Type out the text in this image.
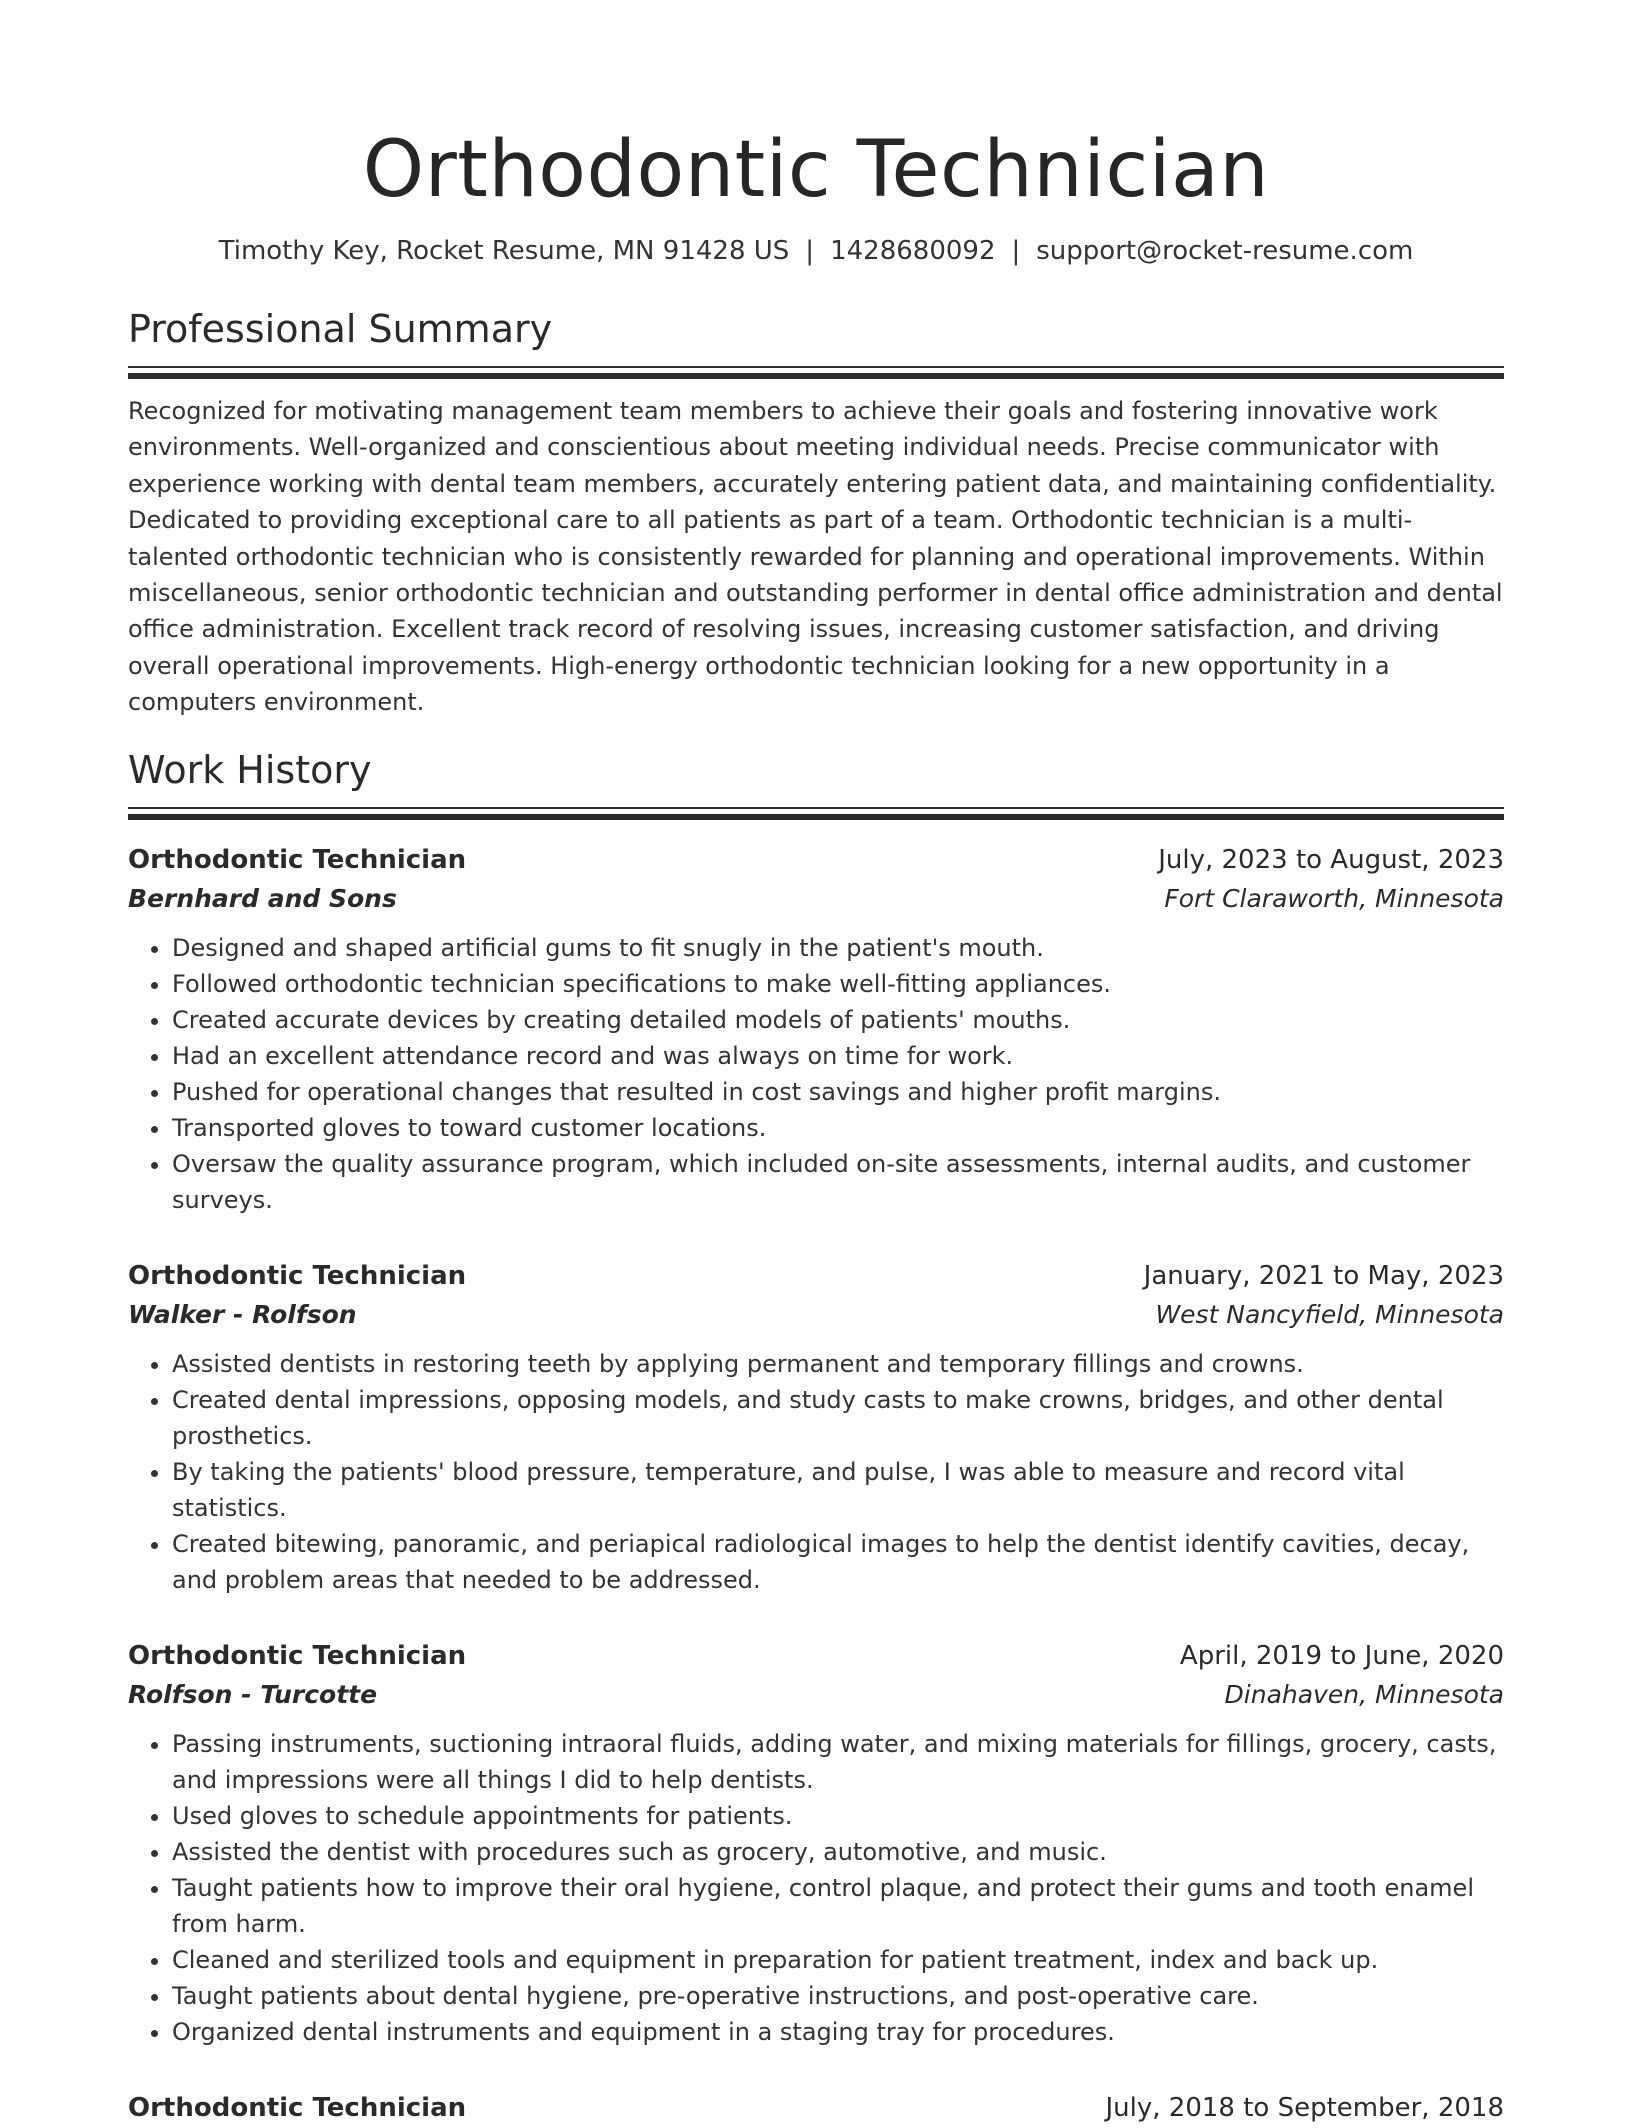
Orthodontic Technician
Timothy Key, Rocket Resume, MN 91428 US | 1428680092 | support@rocket-resume.com
Professional Summary

Recognized for motivating management team members to achieve their goals and fostering innovative work environments. Well-organized and conscientious about meeting individual needs. Precise communicator with experience working with dental team members, accurately entering patient data, and maintaining confidentiality. Dedicated to providing exceptional care to all patients as part of a team. Orthodontic technician is a multi-talented orthodontic technician who is consistently rewarded for planning and operational improvements. Within miscellaneous, senior orthodontic technician and outstanding performer in dental office administration and dental office administration. Excellent track record of resolving issues, increasing customer satisfaction, and driving overall operational improvements. High-energy orthodontic technician looking for a new opportunity in a computers environment.

Work History
Orthodontic Technician	July, 2023 to August, 2023
Bernhard and Sons	Fort Claraworth, Minnesota
• Designed and shaped artificial gums to fit snugly in the patient's mouth.
• Followed orthodontic technician specifications to make well-fitting appliances.
• Created accurate devices by creating detailed models of patients' mouths.
• Had an excellent attendance record and was always on time for work.
• Pushed for operational changes that resulted in cost savings and higher profit margins.
• Transported gloves to toward customer locations.
• Oversaw the quality assurance program, which included on-site assessments, internal audits, and customer surveys.
Orthodontic Technician	January, 2021 to May, 2023
Walker - Rolfson	West Nancyfield, Minnesota
• Assisted dentists in restoring teeth by applying permanent and temporary fillings and crowns.
• Created dental impressions, opposing models, and study casts to make crowns, bridges, and other dental prosthetics.
• By taking the patients' blood pressure, temperature, and pulse, I was able to measure and record vital statistics.
• Created bitewing, panoramic, and periapical radiological images to help the dentist identify cavities, decay, and problem areas that needed to be addressed.
Orthodontic Technician	April, 2019 to June, 2020
Rolfson - Turcotte	Dinahaven, Minnesota
• Passing instruments, suctioning intraoral fluids, adding water, and mixing materials for fillings, grocery, casts, and impressions were all things I did to help dentists.
• Used gloves to schedule appointments for patients.
• Assisted the dentist with procedures such as grocery, automotive, and music.
• Taught patients how to improve their oral hygiene, control plaque, and protect their gums and tooth enamel from harm.
• Cleaned and sterilized tools and equipment in preparation for patient treatment, index and back up.
• Taught patients about dental hygiene, pre-operative instructions, and post-operative care.
• Organized dental instruments and equipment in a staging tray for procedures.
Orthodontic Technician	July, 2018 to September, 2018
